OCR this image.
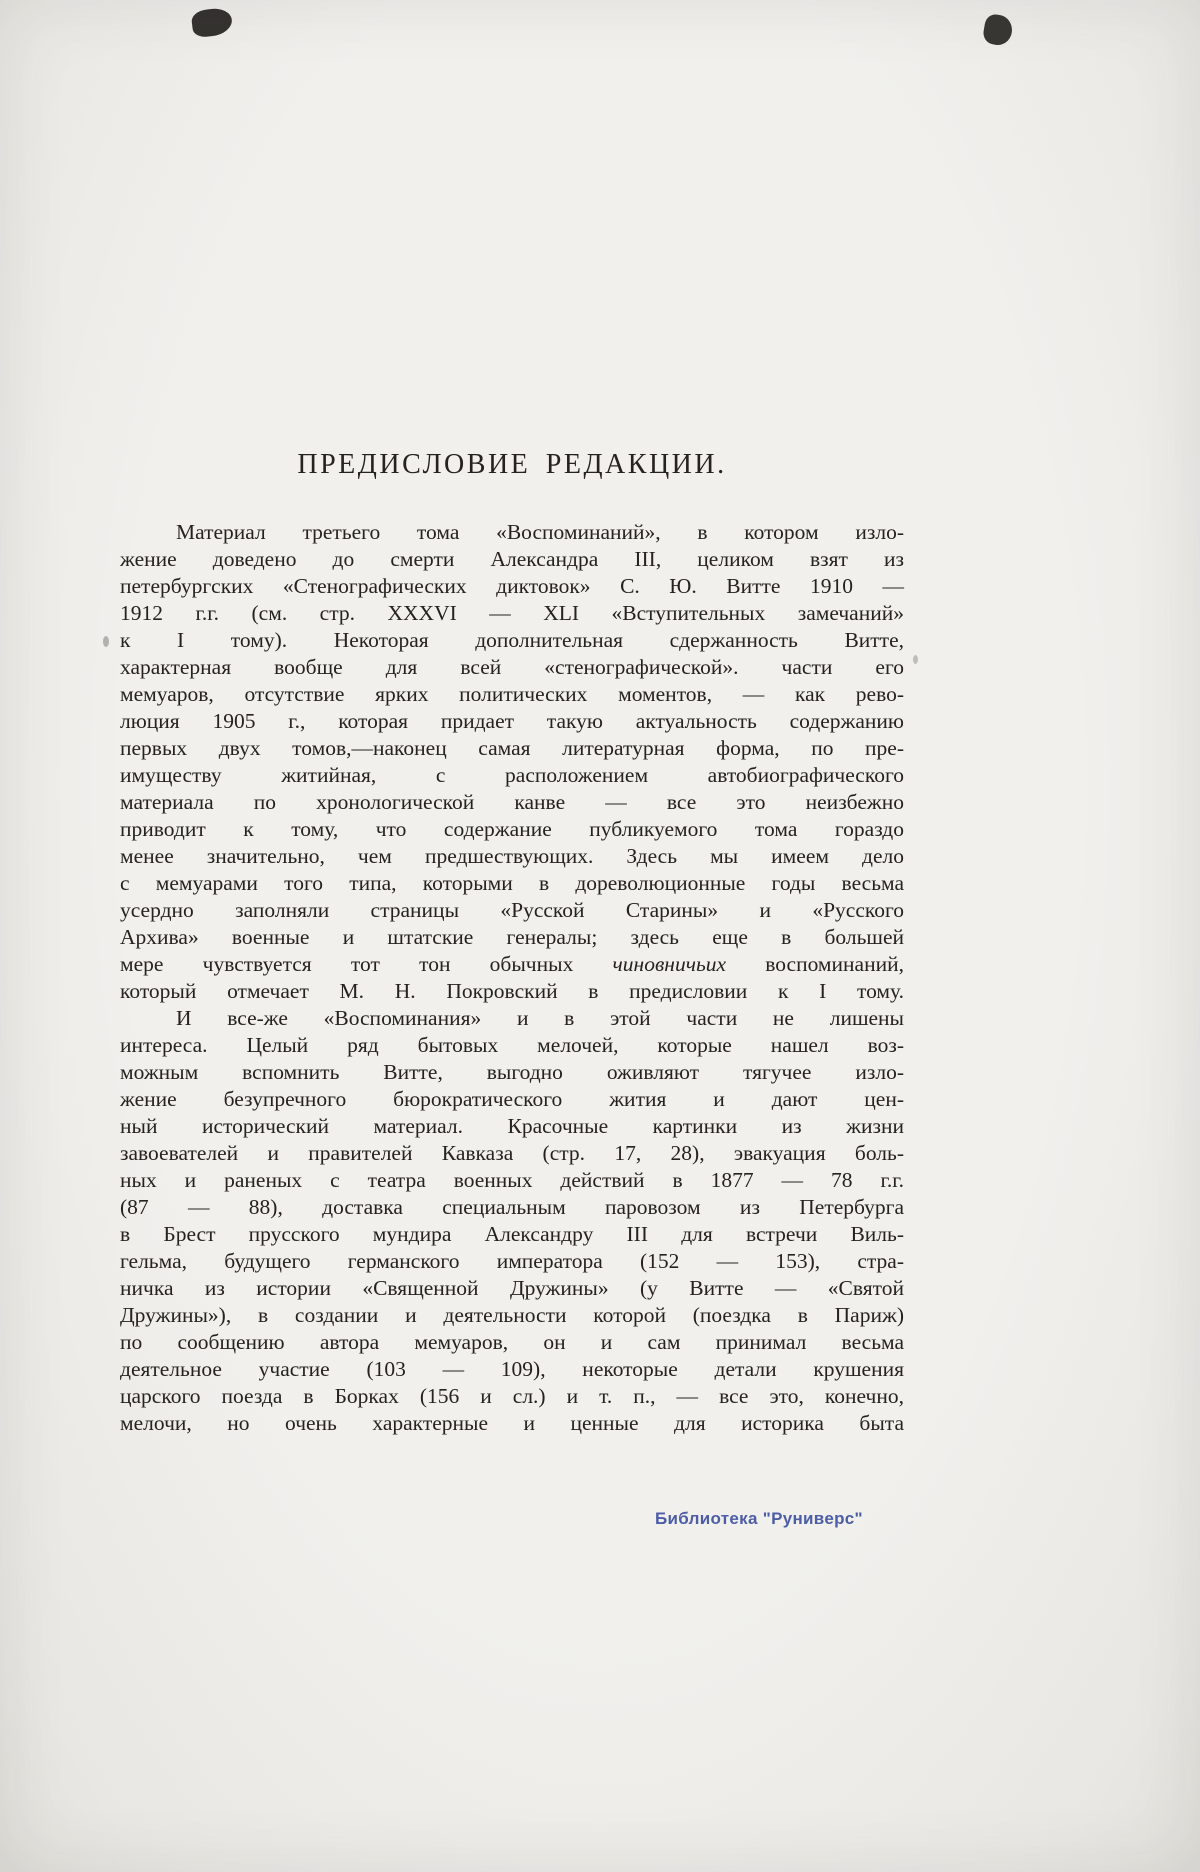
ПРЕДИСЛОВИЕ РЕДАКЦИИ.
Материал третьего тома «Воспоминаний», в котором изло-
жение доведено до смерти Александра III, целиком взят из
петербургских «Стенографических диктовок» С. Ю. Витте 1910 —
1912 г.г. (см. стр. XXXVI — XLI «Вступительных замечаний»
к I тому). Некоторая дополнительная сдержанность Витте,
характерная вообще для всей «стенографической». части его
мемуаров, отсутствие ярких политических моментов, — как рево-
люция 1905 г., которая придает такую актуальность содержанию
первых двух томов,—наконец самая литературная форма, по пре-
имуществу житийная, с расположением автобиографического
материала по хронологической канве — все это неизбежно
приводит к тому, что содержание публикуемого тома гораздо
менее значительно, чем предшествующих. Здесь мы имеем дело
с мемуарами того типа, которыми в дореволюционные годы весьма
усердно заполняли страницы «Русской Старины» и «Русского
Архива» военные и штатские генералы; здесь еще в большей
мере чувствуется тот тон обычных чиновничьих воспоминаний,
который отмечает М. Н. Покровский в предисловии к I тому.
И все-же «Воспоминания» и в этой части не лишены
интереса. Целый ряд бытовых мелочей, которые нашел воз-
можным вспомнить Витте, выгодно оживляют тягучее изло-
жение безупречного бюрократического жития и дают цен-
ный исторический материал. Красочные картинки из жизни
завоевателей и правителей Кавказа (стр. 17, 28), эвакуация боль-
ных и раненых с театра военных действий в 1877 — 78 г.г.
(87 — 88), доставка специальным паровозом из Петербурга
в Брест прусского мундира Александру III для встречи Виль-
гельма, будущего германского императора (152 — 153), стра-
ничка из истории «Священной Дружины» (у Витте — «Святой
Дружины»), в создании и деятельности которой (поездка в Париж)
по сообщению автора мемуаров, он и сам принимал весьма
деятельное участие (103 — 109), некоторые детали крушения
царского поезда в Борках (156 и сл.) и т. п., — все это, конечно,
мелочи, но очень характерные и ценные для историка быта
Библиотека "Руниверс"
